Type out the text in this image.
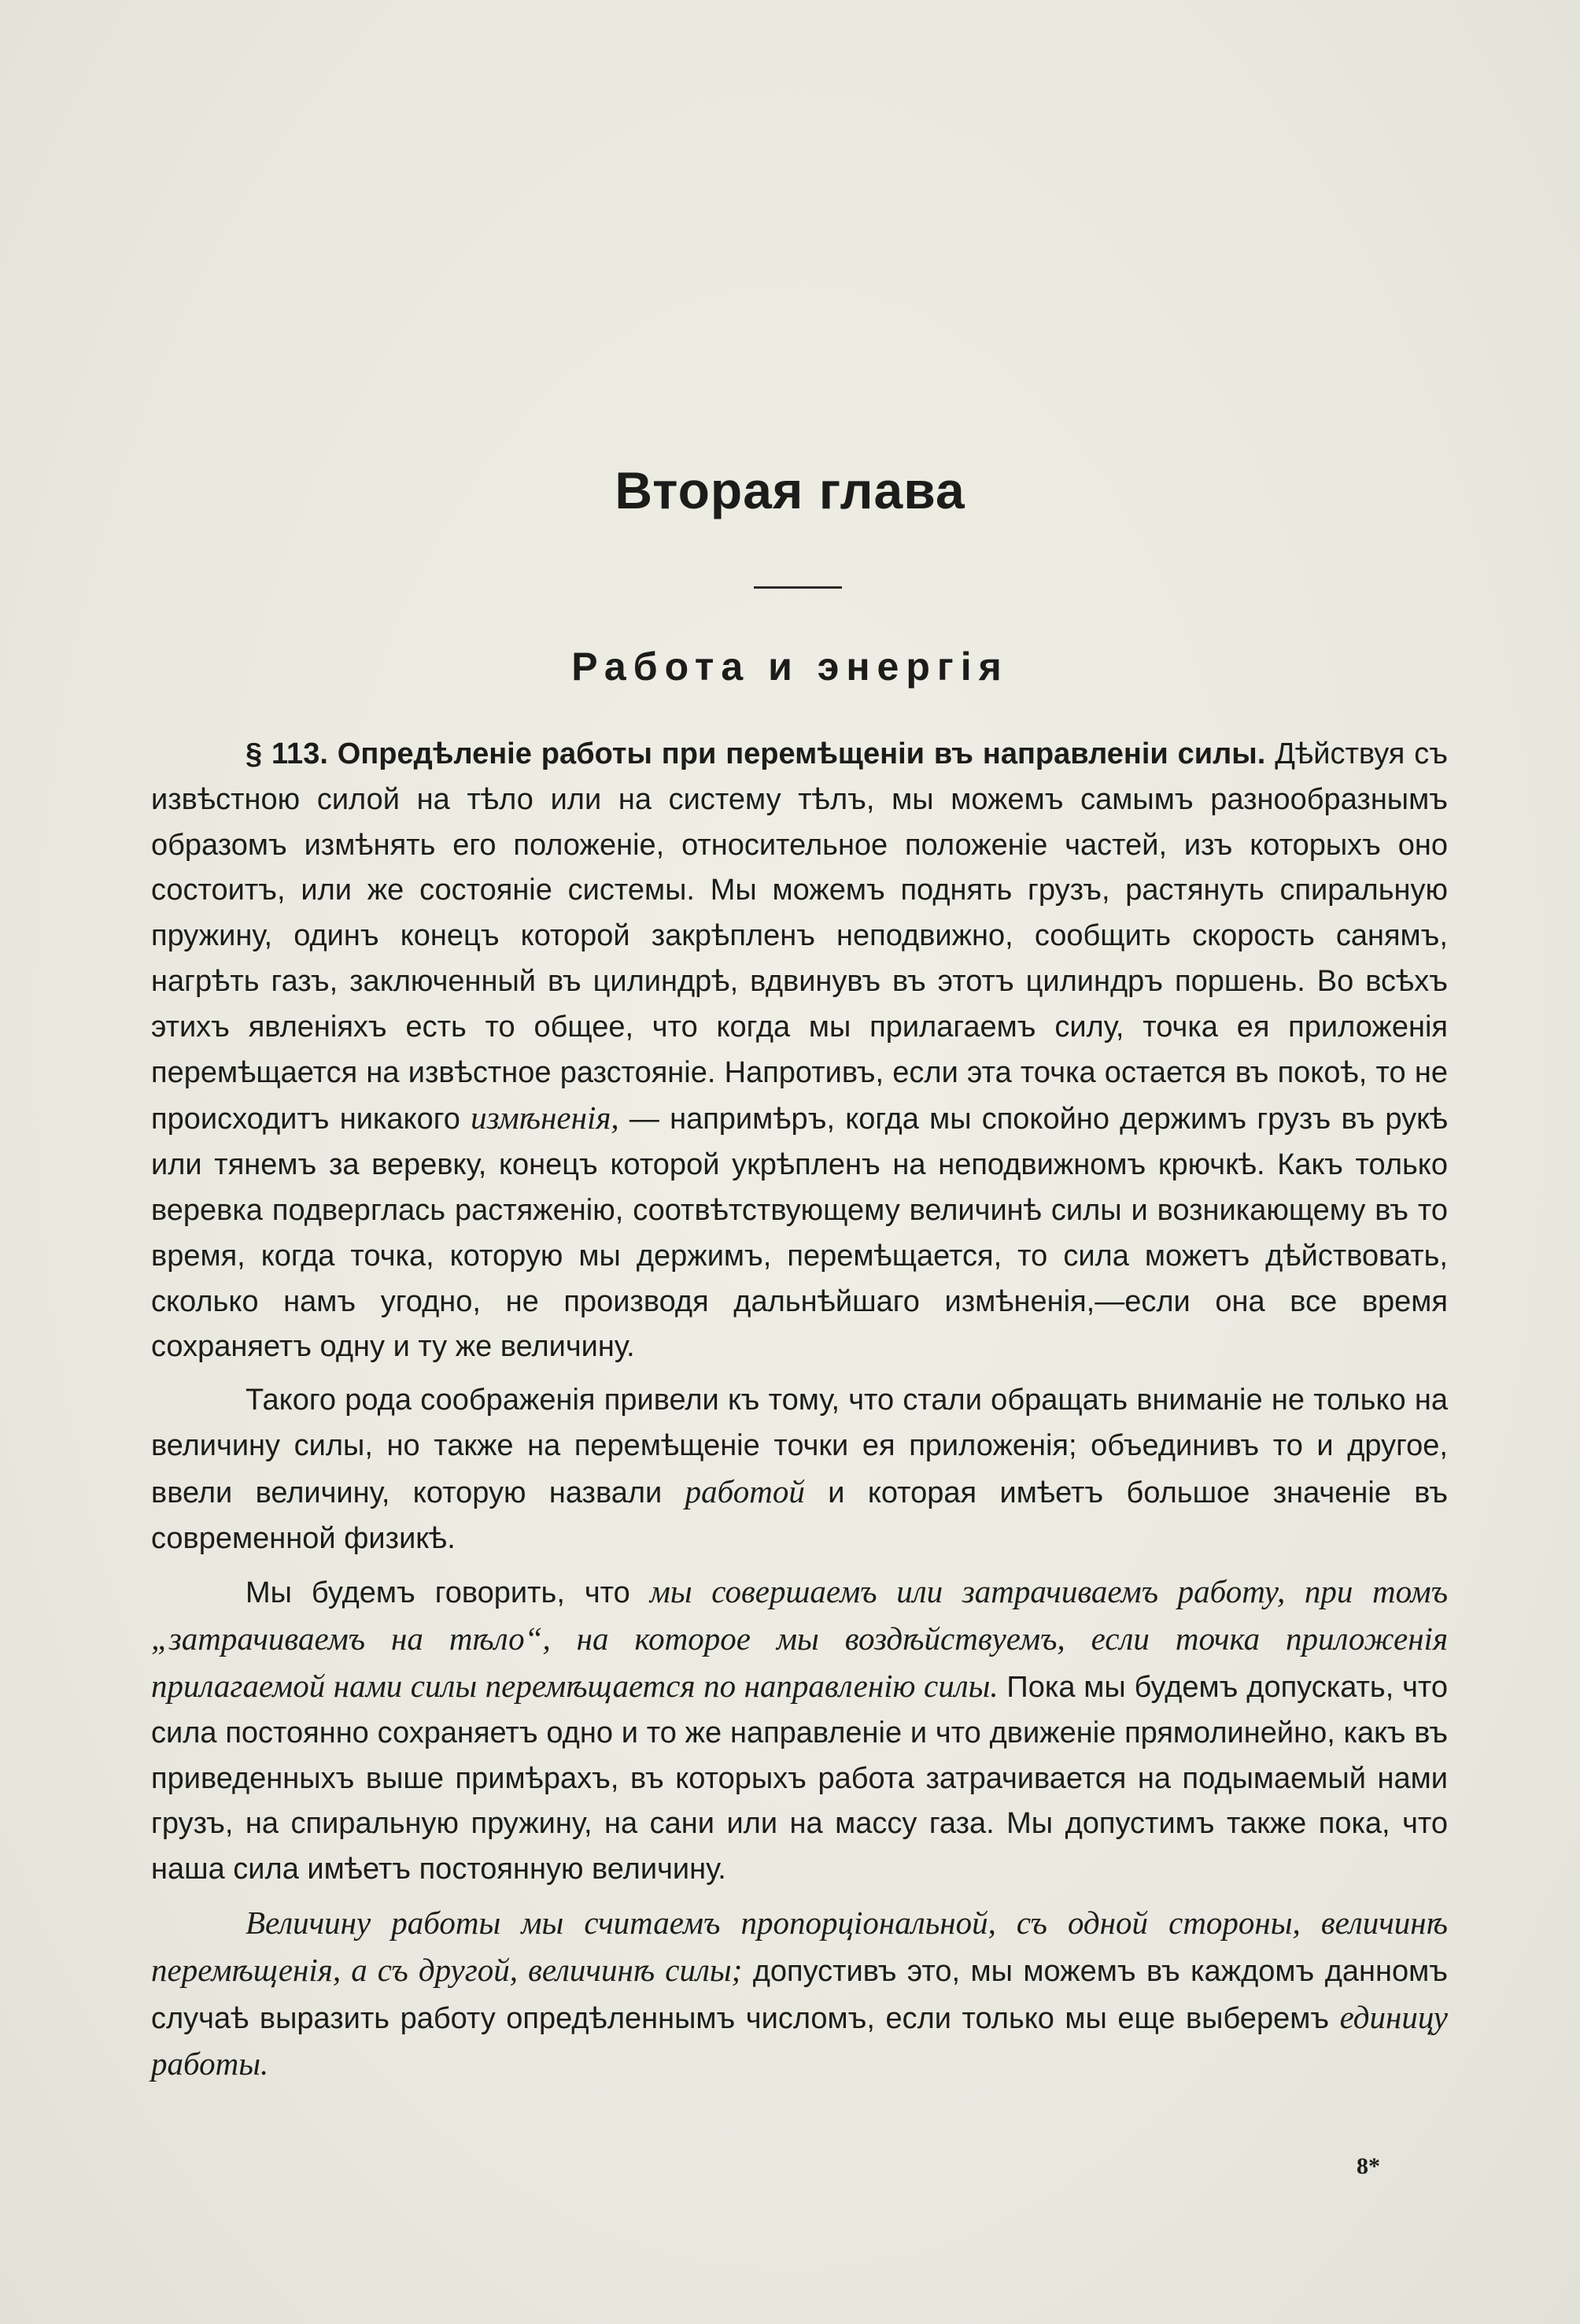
Вторая глава
Работа и энергія

§ 113. Опредѣленіе работы при перемѣщеніи въ направленіи силы. Дѣйствуя съ извѣстною силой на тѣло или на систему тѣлъ, мы можемъ самымъ разнообразнымъ образомъ измѣнять его положеніе, относительное положеніе частей, изъ которыхъ оно состоитъ, или же состояніе системы. Мы можемъ поднять грузъ, растянуть спиральную пружину, одинъ конецъ которой закрѣпленъ неподвижно, сообщить скорость санямъ, нагрѣть газъ, заключенный въ цилиндрѣ, вдвинувъ въ этотъ цилиндръ поршень. Во всѣхъ этихъ явленіяхъ есть то общее, что когда мы прилагаемъ силу, точка ея приложенія перемѣщается на извѣстное разстояніе. Напротивъ, если эта точка остается въ покоѣ, то не происходитъ никакого измѣненія, — напримѣръ, когда мы спокойно держимъ грузъ въ рукѣ или тянемъ за веревку, конецъ которой укрѣпленъ на неподвижномъ крючкѣ. Какъ только веревка подверглась растяженію, соотвѣтствующему величинѣ силы и возникающему въ то время, когда точка, которую мы держимъ, перемѣщается, то сила можетъ дѣйствовать, сколько намъ угодно, не производя дальнѣйшаго измѣненія,—если она все время сохраняетъ одну и ту же величину.

Такого рода соображенія привели къ тому, что стали обращать вниманіе не только на величину силы, но также на перемѣщеніе точки ея приложенія; объединивъ то и другое, ввели величину, которую назвали работой и которая имѣетъ большое значеніе въ современной физикѣ.

Мы будемъ говорить, что мы совершаемъ или затрачиваемъ работу, при томъ „затрачиваемъ на тѣло“, на которое мы воздѣйствуемъ, если точка приложенія прилагаемой нами силы перемѣщается по направленію силы. Пока мы будемъ допускать, что сила постоянно сохраняетъ одно и то же направленіе и что движеніе прямолинейно, какъ въ приведенныхъ выше примѣрахъ, въ которыхъ работа затрачивается на подымаемый нами грузъ, на спиральную пружину, на сани или на массу газа. Мы допустимъ также пока, что наша сила имѣетъ постоянную величину.

Величину работы мы считаемъ пропорціональной, съ одной стороны, величинѣ перемѣщенія, а съ другой, величинѣ силы; допустивъ это, мы можемъ въ каждомъ данномъ случаѣ выразить работу опредѣленнымъ числомъ, если только мы еще выберемъ единицу работы.

8*
